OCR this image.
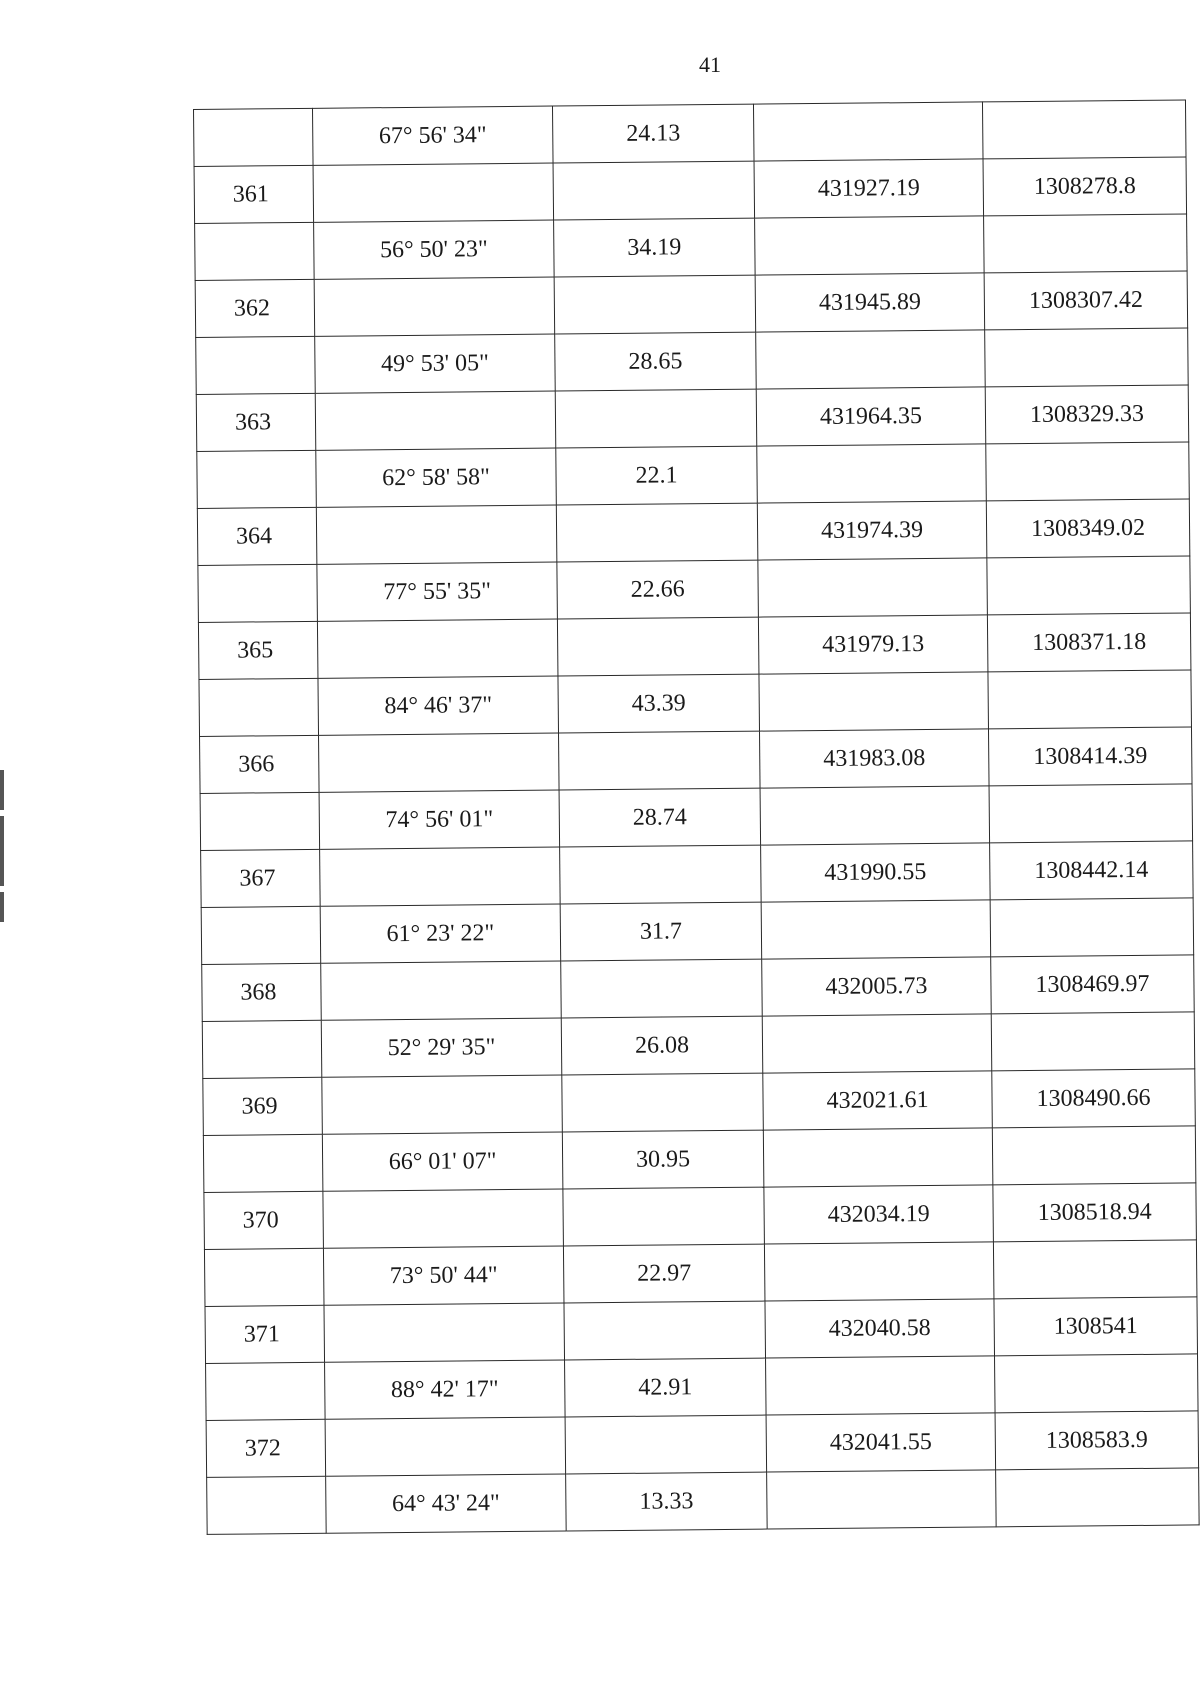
41
	67° 56' 34"	24.13		
361			431927.19	1308278.8
	56° 50' 23"	34.19		
362			431945.89	1308307.42
	49° 53' 05"	28.65		
363			431964.35	1308329.33
	62° 58' 58"	22.1		
364			431974.39	1308349.02
	77° 55' 35"	22.66		
365			431979.13	1308371.18
	84° 46' 37"	43.39		
366			431983.08	1308414.39
	74° 56' 01"	28.74		
367			431990.55	1308442.14
	61° 23' 22"	31.7		
368			432005.73	1308469.97
	52° 29' 35"	26.08		
369			432021.61	1308490.66
	66° 01' 07"	30.95		
370			432034.19	1308518.94
	73° 50' 44"	22.97		
371			432040.58	1308541
	88° 42' 17"	42.91		
372			432041.55	1308583.9
	64° 43' 24"	13.33		
